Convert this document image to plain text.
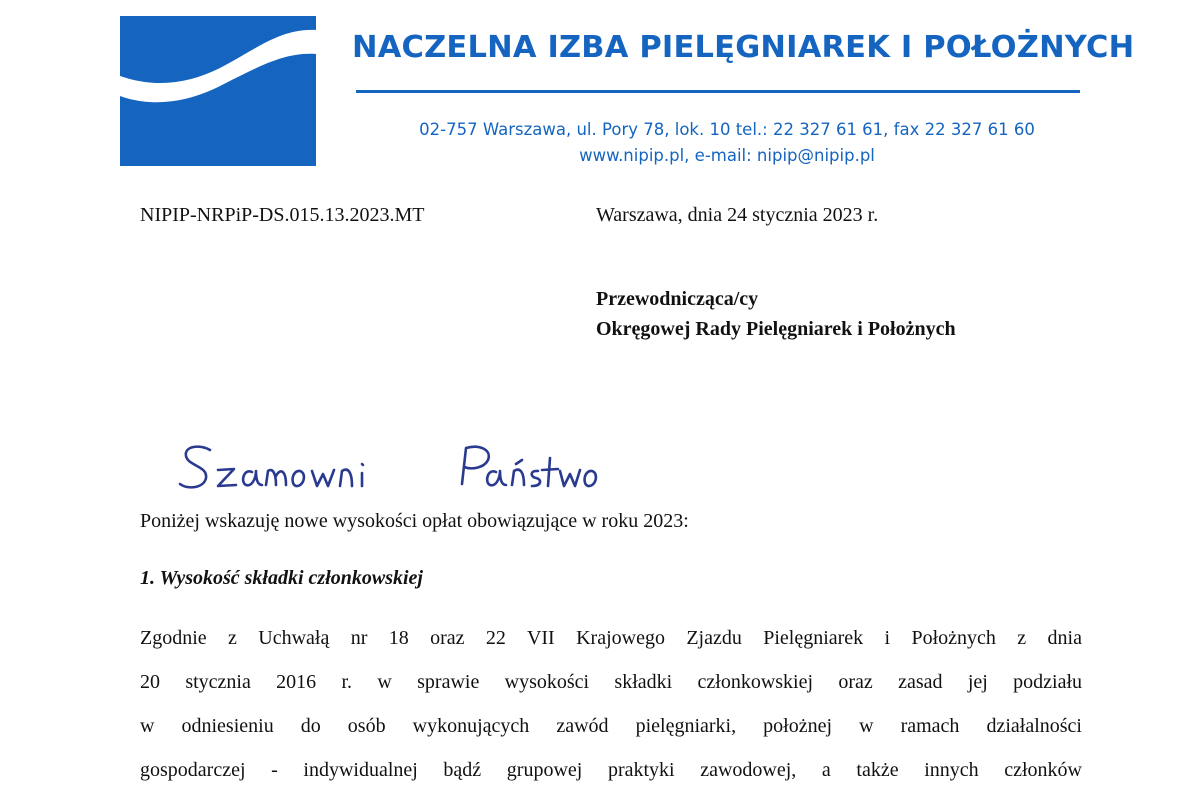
NACZELNA IZBA PIELĘGNIAREK I POŁOŻNYCH
02-757 Warszawa, ul. Pory 78, lok. 10 tel.: 22 327 61 61, fax 22 327 61 60
www.nipip.pl, e-mail: nipip@nipip.pl
NIPIP-NRPiP-DS.015.13.2023.MT	Warszawa, dnia 24 stycznia 2023 r.
Przewodnicząca/cy
Okręgowej Rady Pielęgniarek i Położnych
Poniżej wskazuję nowe wysokości opłat obowiązujące w roku 2023:
1. Wysokość składki członkowskiej
Zgodnie z Uchwałą nr 18 oraz 22 VII Krajowego Zjazdu Pielęgniarek i Położnych z dnia
20 stycznia 2016 r. w sprawie wysokości składki członkowskiej oraz zasad jej podziału
w odniesieniu do osób wykonujących zawód pielęgniarki, położnej w ramach działalności
gospodarczej - indywidualnej bądź grupowej praktyki zawodowej, a także innych członków
